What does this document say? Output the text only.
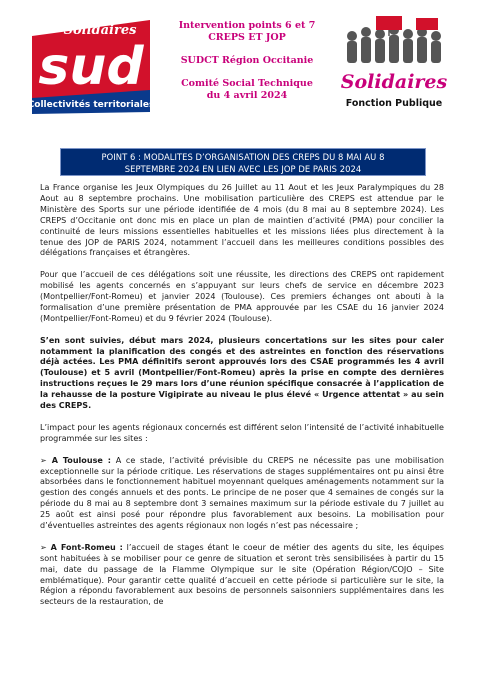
Solidaires
sud
Collectivités territoriales
Intervention points 6 et 7
CREPS ET JOP
SUDCT Région Occitanie
Comité Social Technique
du 4 avril 2024
Solidaires
Fonction Publique
POINT 6 : MODALITES D’ORGANISATION DES CREPS DU 8 MAI AU 8
SEPTEMBRE 2024 EN LIEN AVEC LES JOP DE PARIS 2024

La France organise les Jeux Olympiques du 26 Juillet au 11 Aout et les Jeux Paralympiques du 28 Aout au 8 septembre prochains. Une mobilisation particulière des CREPS est attendue par le Ministère des Sports sur une période identifiée de 4 mois (du 8 mai au 8 septembre 2024). Les CREPS d’Occitanie ont donc mis en place un plan de maintien d’activité (PMA) pour concilier la continuité de leurs missions essentielles habituelles et les missions liées plus directement à la tenue des JOP de PARIS 2024, notamment l’accueil dans les meilleures conditions possibles des délégations françaises et étrangères.

Pour que l’accueil de ces délégations soit une réussite, les directions des CREPS ont rapidement mobilisé les agents concernés en s’appuyant sur leurs chefs de service en décembre 2023 (Montpellier/Font-Romeu) et janvier 2024 (Toulouse). Ces premiers échanges ont abouti à la formalisation d’une première présentation de PMA approuvée par les CSAE du 16 janvier 2024 (Montpellier/Font-Romeu) et du 9 février 2024 (Toulouse).

S’en sont suivies, début mars 2024, plusieurs concertations sur les sites pour caler notamment la planification des congés et des astreintes en fonction des réservations déjà actées. Les PMA définitifs seront approuvés lors des CSAE programmés les 4 avril (Toulouse) et 5 avril (Montpellier/Font-Romeu) après la prise en compte des dernières instructions reçues le 29 mars lors d’une réunion spécifique consacrée à l’application de la rehausse de la posture Vigipirate au niveau le plus élevé « Urgence attentat » au sein des CREPS.

L’impact pour les agents régionaux concernés est différent selon l’intensité de l’activité inhabituelle programmée sur les sites :

➢ A Toulouse : A ce stade, l’activité prévisible du CREPS ne nécessite pas une mobilisation exceptionnelle sur la période critique. Les réservations de stages supplémentaires ont pu ainsi être absorbées dans le fonctionnement habituel moyennant quelques aménagements notamment sur la gestion des congés annuels et des ponts. Le principe de ne poser que 4 semaines de congés sur la période du 8 mai au 8 septembre dont 3 semaines maximum sur la période estivale du 7 juillet au 25 août est ainsi posé pour répondre plus favorablement aux besoins. La mobilisation pour d’éventuelles astreintes des agents régionaux non logés n’est pas nécessaire ;

➢ A Font-Romeu : l’accueil de stages étant le coeur de métier des agents du site, les équipes sont habituées à se mobiliser pour ce genre de situation et seront très sensibilisées à partir du 15 mai, date du passage de la Flamme Olympique sur le site (Opération Région/COJO – Site emblématique). Pour garantir cette qualité d’accueil en cette période si particulière sur le site, la Région a répondu favorablement aux besoins de personnels saisonniers supplémentaires dans les secteurs de la restauration, de
